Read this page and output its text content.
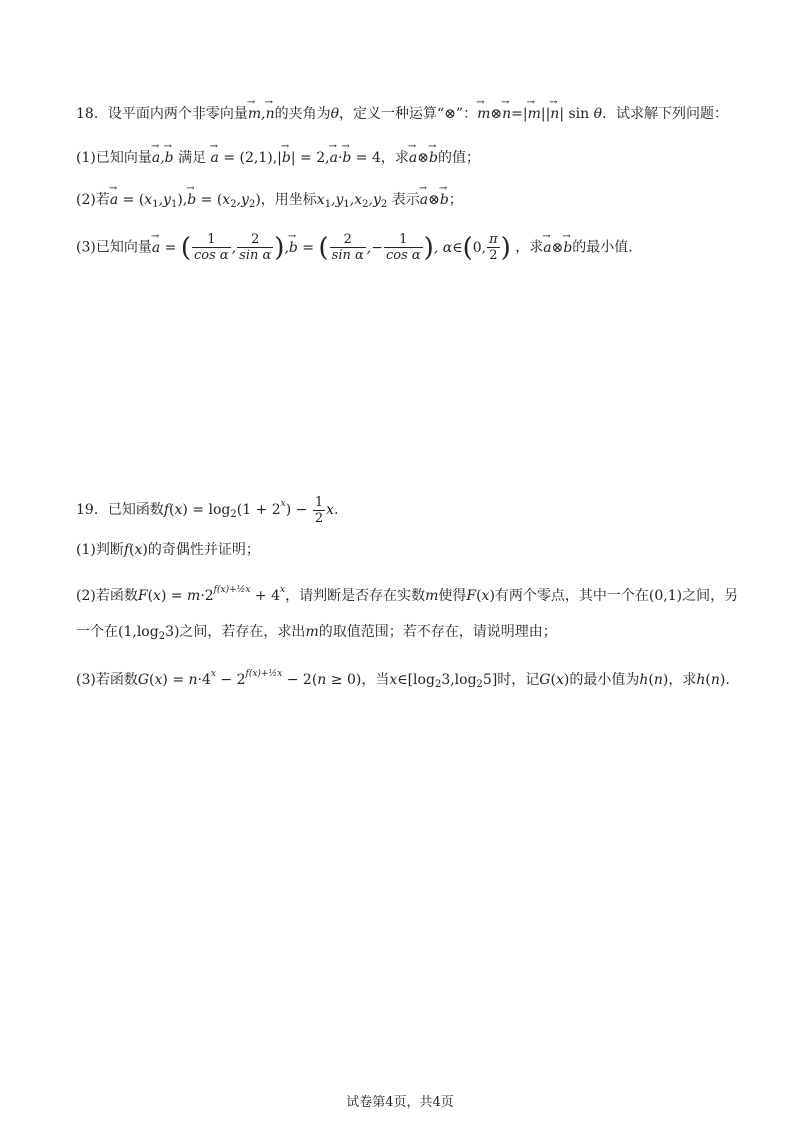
18．设平面内两个非零向量→ m,→ n的夹角为θ，定义一种运算“⊗”：→ m⊗→ n=|→ m||→ n| sin θ．试求解下列问题：
(1)已知向量→ a,→ b 满足 → a = (2,1),|→ b| = 2,→ a·→ b = 4，求→ a⊗→ b的值；
(2)若→ $a = (x_1,y_1),\to b = (x_2,y_2)$，用坐标$x_1,y_1,x_2,y_2$ 表示→ a⊗→ b；
(3)已知向量→ a = ( $\frac{1}{\text{cos α}}$ , $\frac{2}{\text{sin α}}$ ),→ b = ( $\frac{2}{\text{sin α}}$ ,− $\frac{1}{\text{cos α}}$ ), α∈(0, $\frac{\pi}{2}$ ) ，求→ a⊗→ b的最小值．
19．已知函数$f(x) = \log_2(1 + 2^x) - \frac{1}{2} x$.
(1)判断f(x)的奇偶性并证明；
(2)若函数$F(x) = m\cdot 2^{f(x)+\frac{1}{2}x} + 4^x$，请判断是否存在实数m使得F(x)有两个零点，其中一个在(0,1)之间，另
一个在$(1,\log_23)$之间，若存在，求出m的取值范围；若不存在，请说明理由；
(3)若函数$G(x) = n\cdot 4^x - 2^{f(x)+\frac{1}{2}x} - 2(n \ge 0)$，当$x\in[\log_23,\log_25]$时，记G(x)的最小值为h(n)，求h(n).
试卷第4页，共4页
